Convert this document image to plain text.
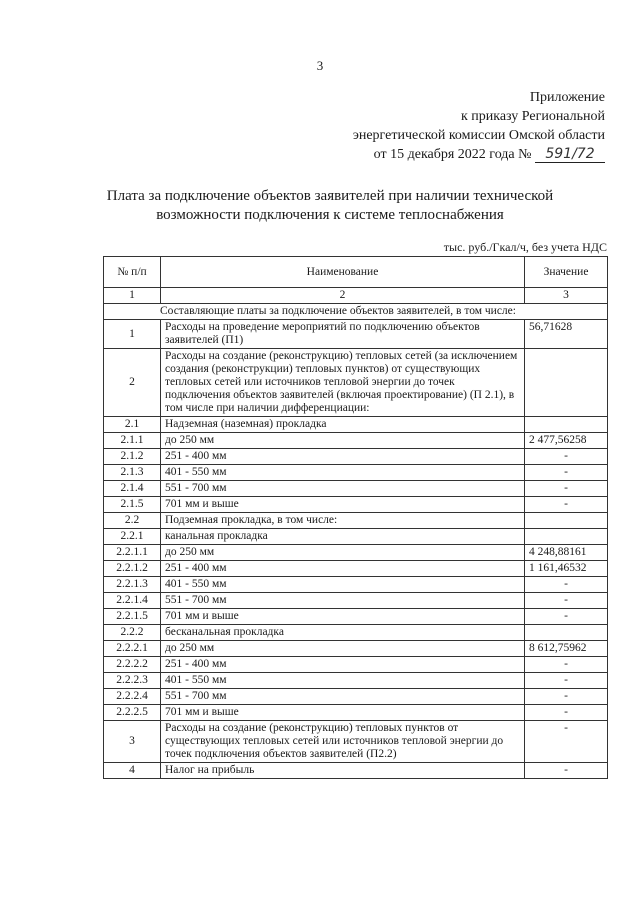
3
Приложение
к приказу Региональной
энергетической комиссии Омской области
от 15 декабря 2022 года № 591/72
Плата за подключение объектов заявителей при наличии технической
возможности подключения к системе теплоснабжения
тыс. руб./Гкал/ч, без учета НДС
№ п/п	Наименование	Значение
1	2	3
Составляющие платы за подключение объектов заявителей, в том числе:		
1	Расходы на проведение мероприятий по подключению объектов заявителей (П1)	56,71628
2	Расходы на создание (реконструкцию) тепловых сетей (за исключением создания (реконструкции) тепловых пунктов) от существующих тепловых сетей или источников тепловой энергии до точек подключения объектов заявителей (включая проектирование) (П 2.1), в том числе при наличии дифференциации:	
2.1	Надземная (наземная) прокладка	
2.1.1	до 250 мм	2 477,56258
2.1.2	251 - 400 мм	-
2.1.3	401 - 550 мм	-
2.1.4	551 - 700 мм	-
2.1.5	701 мм и выше	-
2.2	Подземная прокладка, в том числе:	
2.2.1	канальная прокладка	
2.2.1.1	до 250 мм	4 248,88161
2.2.1.2	251 - 400 мм	1 161,46532
2.2.1.3	401 - 550 мм	-
2.2.1.4	551 - 700 мм	-
2.2.1.5	701 мм и выше	-
2.2.2	бесканальная прокладка	
2.2.2.1	до 250 мм	8 612,75962
2.2.2.2	251 - 400 мм	-
2.2.2.3	401 - 550 мм	-
2.2.2.4	551 - 700 мм	-
2.2.2.5	701 мм и выше	-
3	Расходы на создание (реконструкцию) тепловых пунктов от существующих тепловых сетей или источников тепловой энергии до точек подключения объектов заявителей (П2.2)	-
4	Налог на прибыль	-
